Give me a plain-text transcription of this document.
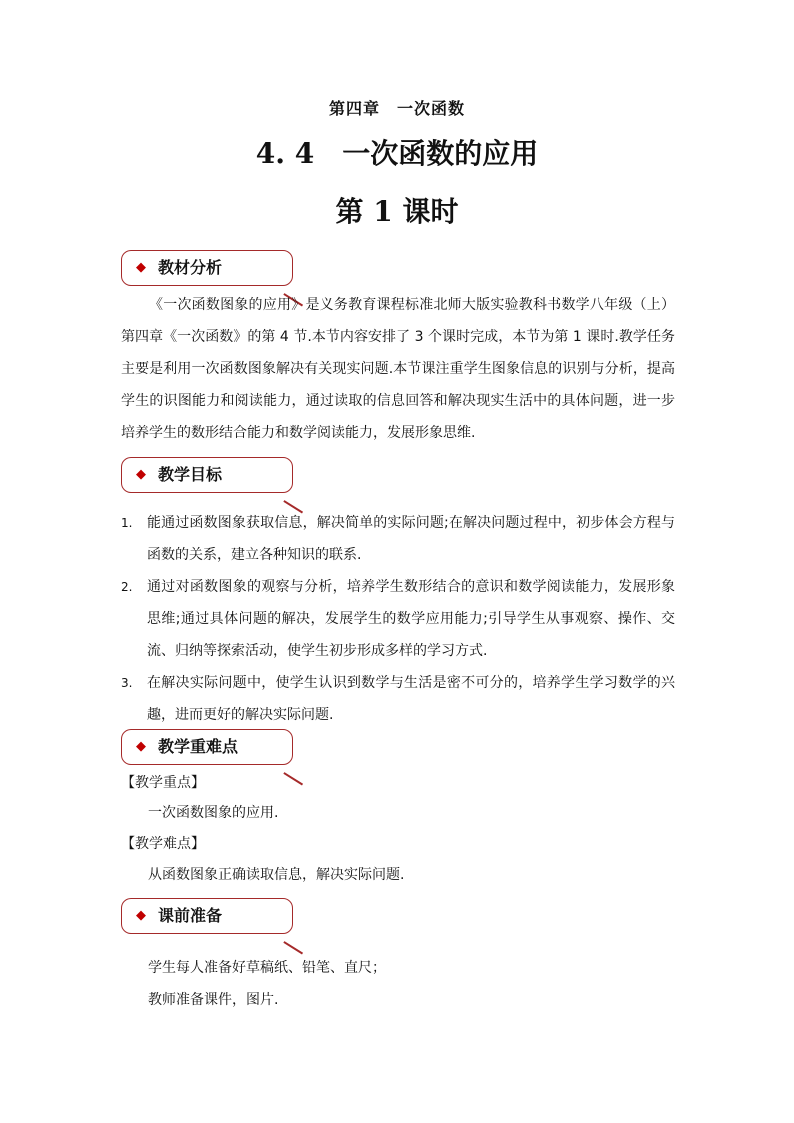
第四章　一次函数
4. 4　一次函数的应用
第 1 课时
◆ 教材分析
《一次函数图象的应用》是义务教育课程标准北师大版实验教科书数学八年级（上）第四章《一次函数》的第 4 节.本节内容安排了 3 个课时完成，本节为第 1 课时.教学任务主要是利用一次函数图象解决有关现实问题.本节课注重学生图象信息的识别与分析，提高学生的识图能力和阅读能力，通过读取的信息回答和解决现实生活中的具体问题，进一步培养学生的数形结合能力和数学阅读能力，发展形象思维.
◆ 教学目标
1. 能通过函数图象获取信息，解决简单的实际问题;在解决问题过程中，初步体会方程与函数的关系，建立各种知识的联系.
2. 通过对函数图象的观察与分析，培养学生数形结合的意识和数学阅读能力，发展形象思维;通过具体问题的解决，发展学生的数学应用能力;引导学生从事观察、操作、交流、归纳等探索活动，使学生初步形成多样的学习方式.
3. 在解决实际问题中，使学生认识到数学与生活是密不可分的，培养学生学习数学的兴趣，进而更好的解决实际问题.
◆ 教学重难点
【教学重点】
一次函数图象的应用.
【教学难点】
从函数图象正确读取信息，解决实际问题.
◆ 课前准备
学生每人准备好草稿纸、铅笔、直尺；
教师准备课件，图片.
